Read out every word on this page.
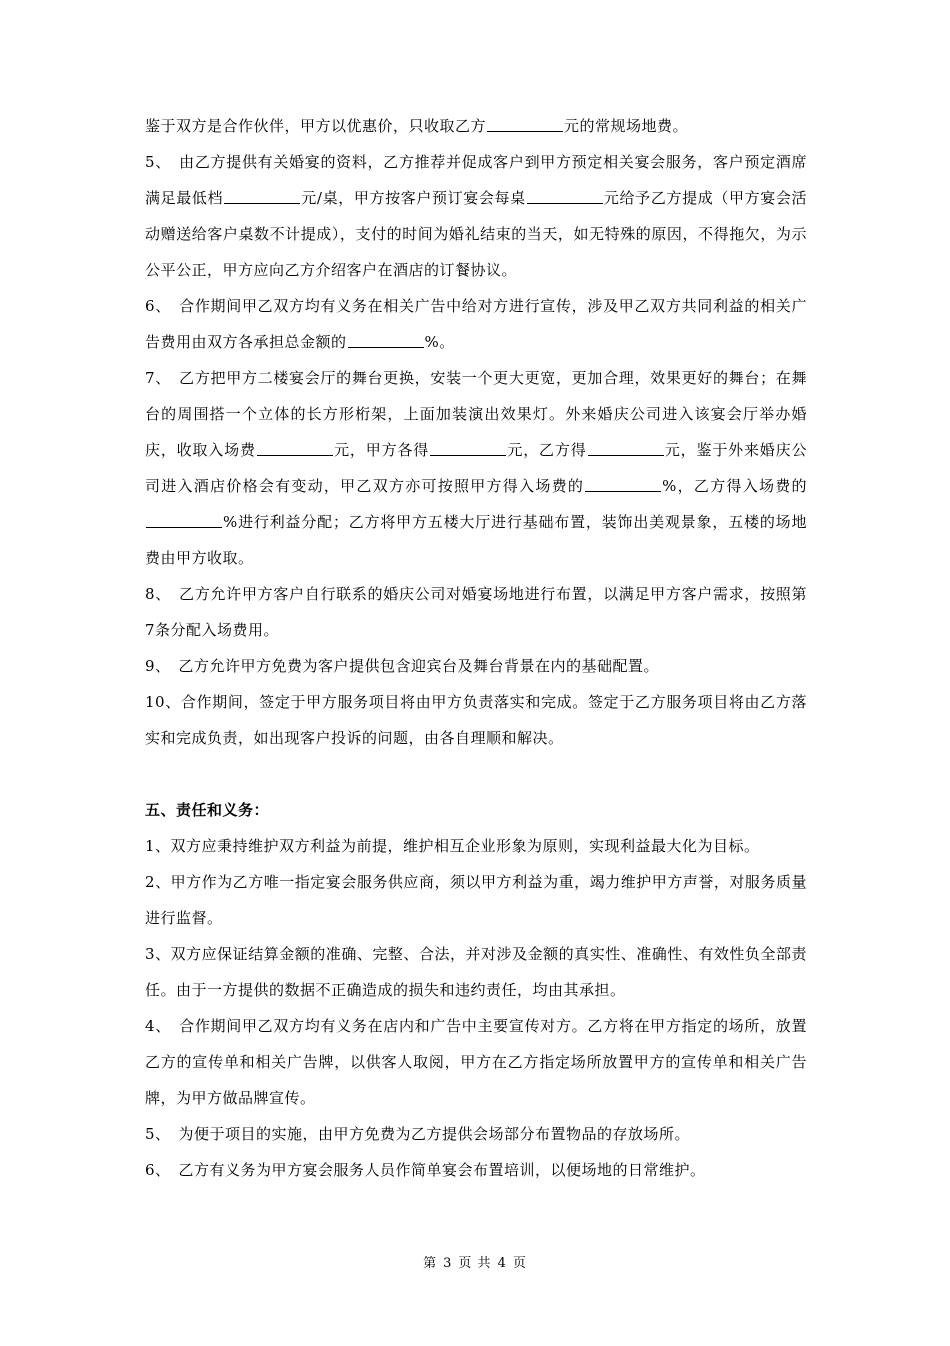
鉴于双方是合作伙伴，甲方以优惠价，只收取乙方	元的常规场地费。

5、　由乙方提供有关婚宴的资料，乙方推荐并促成客户到甲方预定相关宴会服务，客户预定酒席满足最低档	元/桌，甲方按客户预订宴会每桌	元给予乙方提成（甲方宴会活动赠送给客户桌数不计提成），支付的时间为婚礼结束的当天，如无特殊的原因，不得拖欠，为示公平公正，甲方应向乙方介绍客户在酒店的订餐协议。

6、　合作期间甲乙双方均有义务在相关广告中给对方进行宣传，涉及甲乙双方共同利益的相关广告费用由双方各承担总金额的	%。

7、　乙方把甲方二楼宴会厅的舞台更换，安装一个更大更宽，更加合理，效果更好的舞台；在舞台的周围搭一个立体的长方形桁架，上面加装演出效果灯。外来婚庆公司进入该宴会厅举办婚庆，收取入场费	元，甲方各得	元，乙方得	元，鉴于外来婚庆公司进入酒店价格会有变动，甲乙双方亦可按照甲方得入场费的	%，乙方得入场费的%进行利益分配；乙方将甲方五楼大厅进行基础布置，装饰出美观景象，五楼的场地费由甲方收取。

8、　乙方允许甲方客户自行联系的婚庆公司对婚宴场地进行布置，以满足甲方客户需求，按照第7条分配入场费用。

9、　乙方允许甲方免费为客户提供包含迎宾台及舞台背景在内的基础配置。

10、合作期间，签定于甲方服务项目将由甲方负责落实和完成。签定于乙方服务项目将由乙方落实和完成负责，如出现客户投诉的问题，由各自理顺和解决。

五、责任和义务：

1、双方应秉持维护双方利益为前提，维护相互企业形象为原则，实现利益最大化为目标。

2、甲方作为乙方唯一指定宴会服务供应商，须以甲方利益为重，竭力维护甲方声誉，对服务质量进行监督。

3、双方应保证结算金额的准确、完整、合法，并对涉及金额的真实性、准确性、有效性负全部责任。由于一方提供的数据不正确造成的损失和违约责任，均由其承担。

4、　合作期间甲乙双方均有义务在店内和广告中主要宣传对方。乙方将在甲方指定的场所，放置乙方的宣传单和相关广告牌，以供客人取阅，甲方在乙方指定场所放置甲方的宣传单和相关广告牌，为甲方做品牌宣传。

5、　为便于项目的实施，由甲方免费为乙方提供会场部分布置物品的存放场所。

6、　乙方有义务为甲方宴会服务人员作简单宴会布置培训，以便场地的日常维护。

第 3 页 共 4 页
